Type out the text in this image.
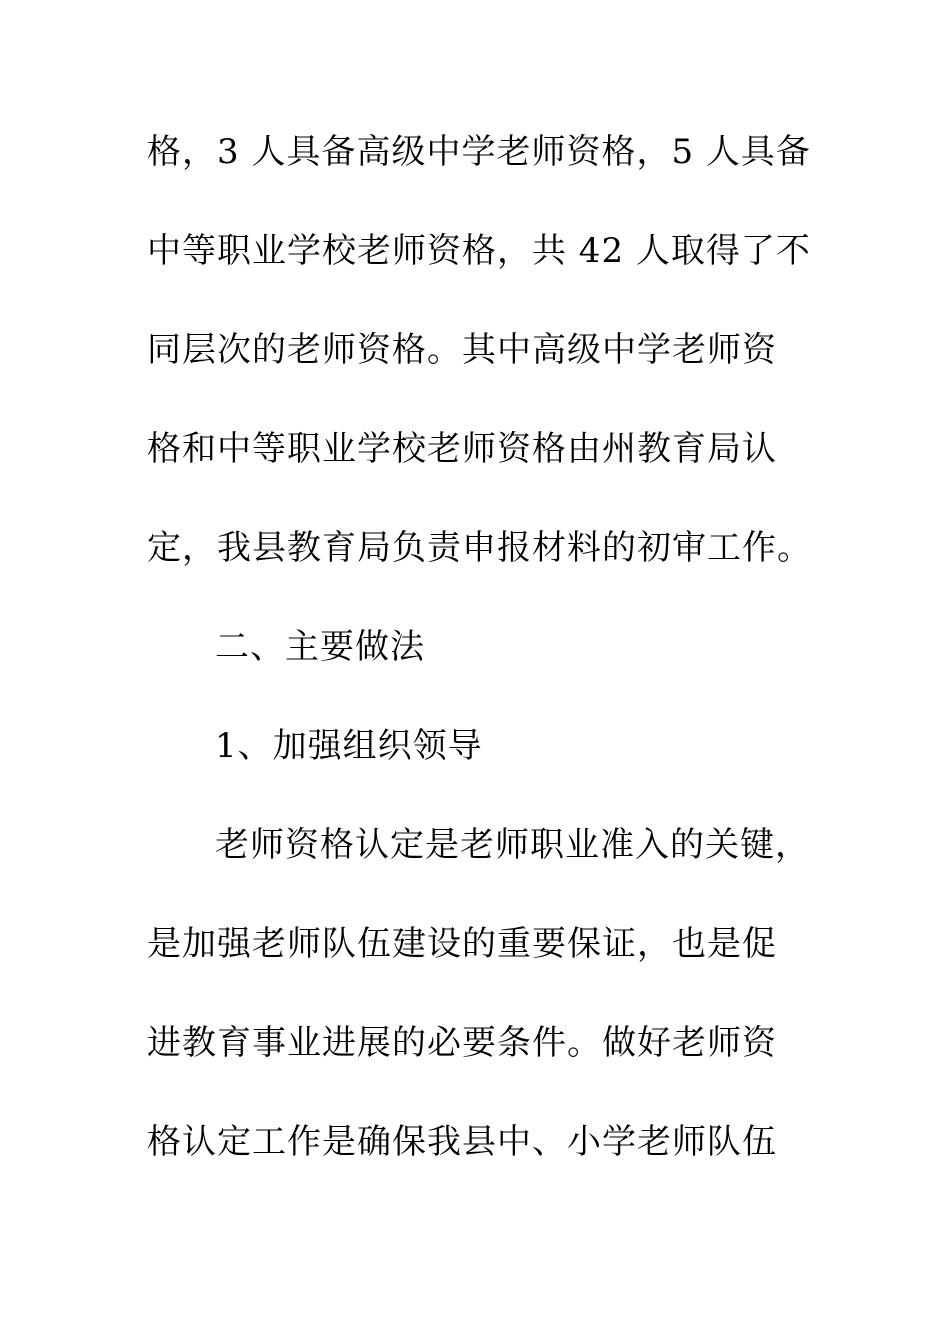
格，3 人具备高级中学老师资格，5 人具备
中等职业学校老师资格，共 42 人取得了不
同层次的老师资格。其中高级中学老师资
格和中等职业学校老师资格由州教育局认
定，我县教育局负责申报材料的初审工作。
二、主要做法
1、加强组织领导
老师资格认定是老师职业准入的关键，
是加强老师队伍建设的重要保证，也是促
进教育事业进展的必要条件。做好老师资
格认定工作是确保我县中、小学老师队伍
